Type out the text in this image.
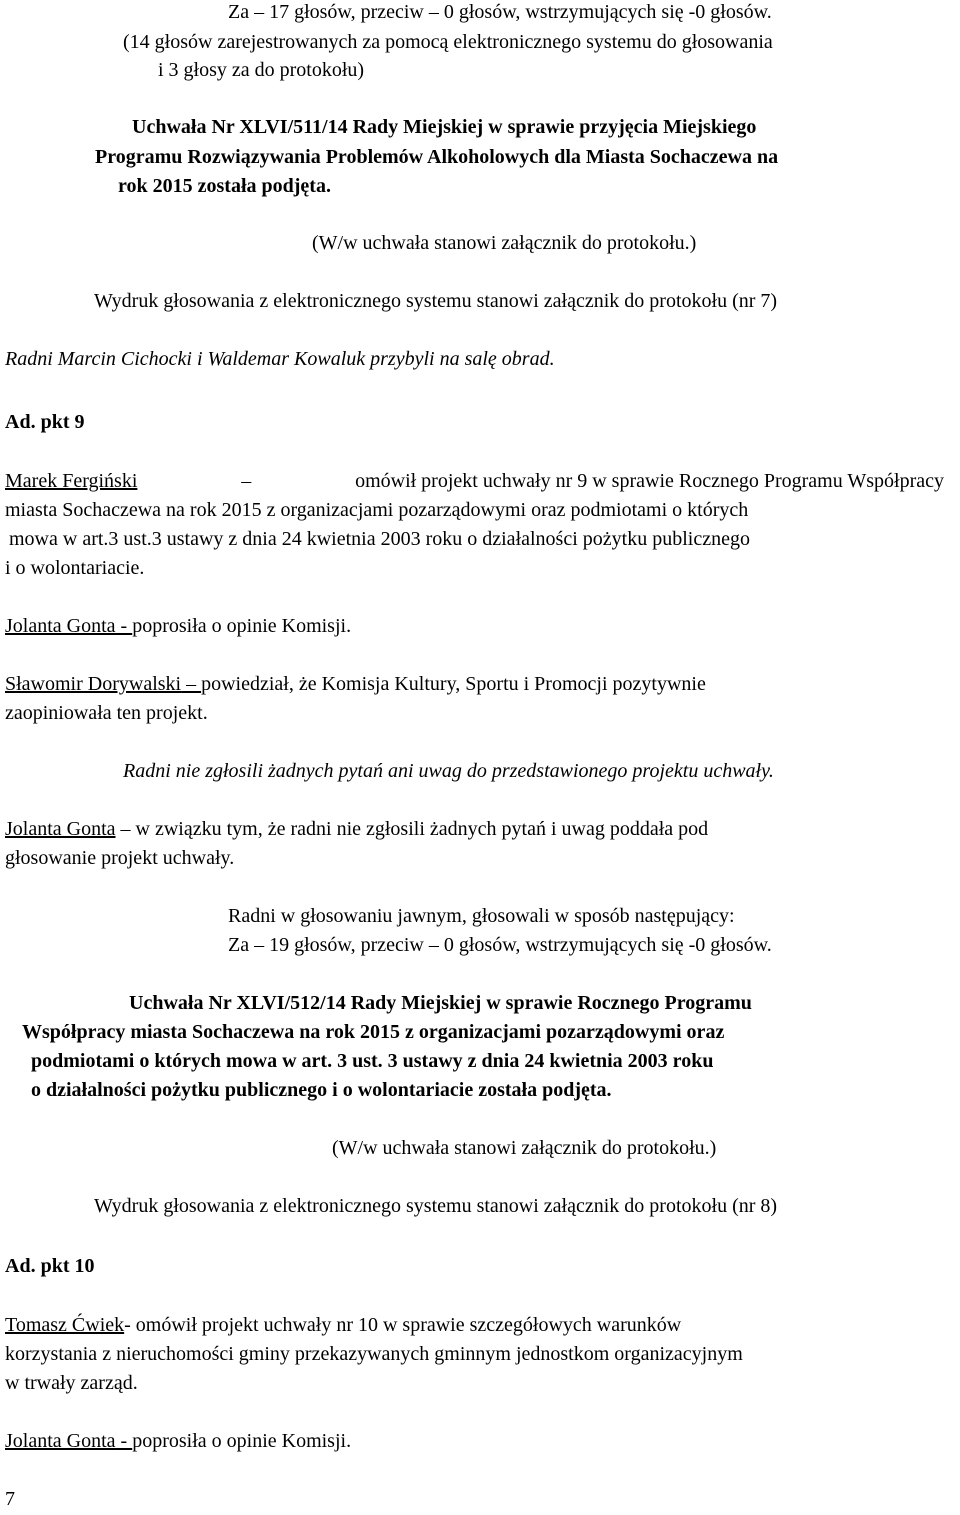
Za – 17 głosów, przeciw – 0 głosów, wstrzymujących się -0 głosów.
(14 głosów zarejestrowanych za pomocą elektronicznego systemu do głosowania
i 3 głosy za do protokołu)
Uchwała Nr XLVI/511/14 Rady Miejskiej w sprawie przyjęcia Miejskiego
Programu Rozwiązywania Problemów Alkoholowych dla Miasta Sochaczewa na
rok 2015 została podjęta.
(W/w uchwała stanowi załącznik do protokołu.)
Wydruk głosowania z elektronicznego systemu stanowi załącznik do protokołu (nr 7)
Radni Marcin Cichocki i Waldemar Kowaluk przybyli na salę obrad.
Ad. pkt 9
Marek Fergiński	–	omówił projekt uchwały nr 9 w sprawie Rocznego Programu Współpracy
miasta Sochaczewa na rok 2015 z organizacjami pozarządowymi oraz podmiotami o których
mowa w art.3 ust.3 ustawy z dnia 24 kwietnia 2003 roku o działalności pożytku publicznego
i o wolontariacie.
Jolanta Gonta - poprosiła o opinie Komisji.
Sławomir Dorywalski – powiedział, że Komisja Kultury, Sportu i Promocji pozytywnie
zaopiniowała ten projekt.
Radni nie zgłosili żadnych pytań ani uwag do przedstawionego projektu uchwały.
Jolanta Gonta – w związku tym, że radni nie zgłosili żadnych pytań i uwag poddała pod
głosowanie projekt uchwały.
Radni w głosowaniu jawnym, głosowali w sposób następujący:
Za – 19 głosów, przeciw – 0 głosów, wstrzymujących się -0 głosów.
Uchwała Nr XLVI/512/14 Rady Miejskiej w sprawie Rocznego Programu
Współpracy miasta Sochaczewa na rok 2015 z organizacjami pozarządowymi oraz
podmiotami o których mowa w art. 3 ust. 3 ustawy z dnia 24 kwietnia 2003 roku
o działalności pożytku publicznego i o wolontariacie została podjęta.
(W/w uchwała stanowi załącznik do protokołu.)
Wydruk głosowania z elektronicznego systemu stanowi załącznik do protokołu (nr 8)
Ad. pkt 10
Tomasz Ćwiek- omówił projekt uchwały nr 10 w sprawie szczegółowych warunków
korzystania z nieruchomości gminy przekazywanych gminnym jednostkom organizacyjnym
w trwały zarząd.
Jolanta Gonta - poprosiła o opinie Komisji.
7
